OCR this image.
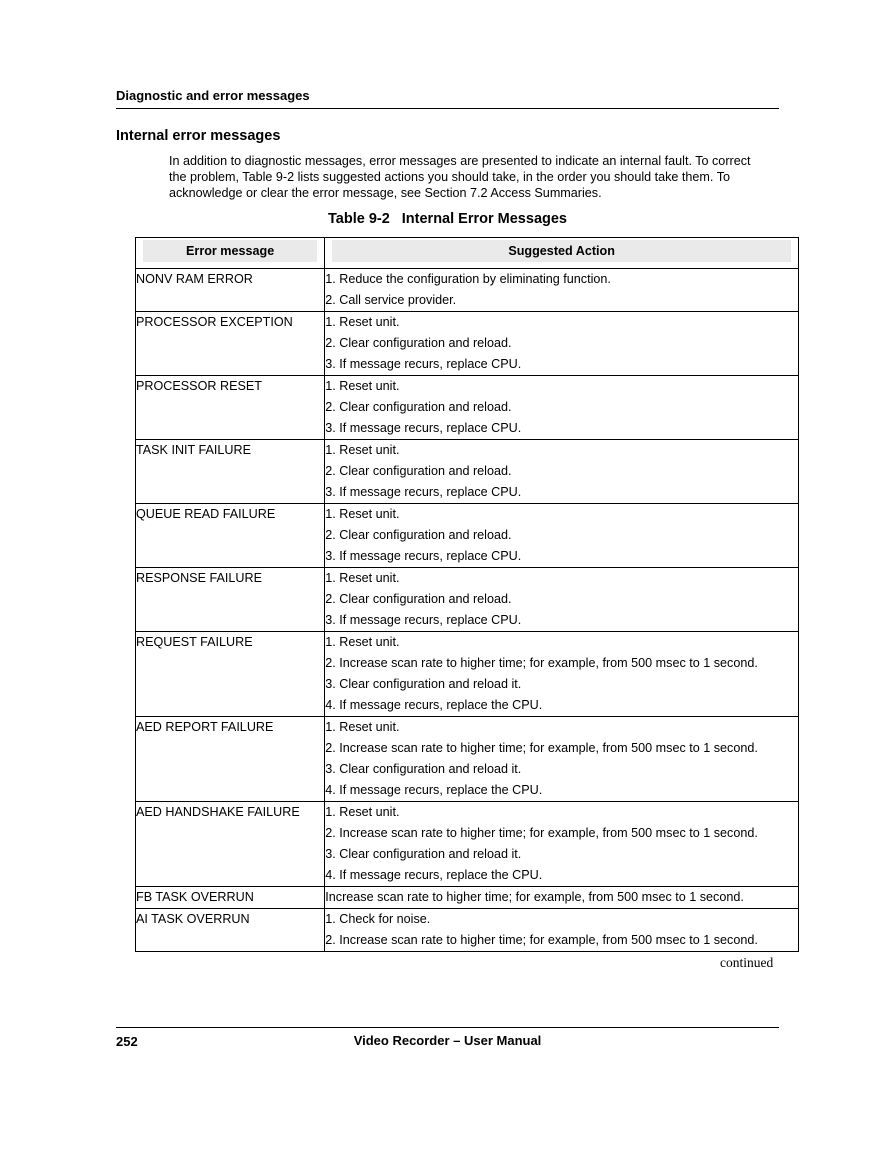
Diagnostic and error messages
Internal error messages
In addition to diagnostic messages, error messages are presented to indicate an internal fault. To correct the problem, Table 9-2 lists suggested actions you should take, in the order you should take them. To acknowledge or clear the error message, see Section 7.2 Access Summaries.
Table 9-2 Internal Error Messages
Error message	Suggested Action

NONV RAM ERROR	1. Reduce the configuration by eliminating function.
2. Call service provider.

PROCESSOR EXCEPTION	1. Reset unit.
2. Clear configuration and reload.
3. If message recurs, replace CPU.

PROCESSOR RESET	1. Reset unit.
2. Clear configuration and reload.
3. If message recurs, replace CPU.

TASK INIT FAILURE	1. Reset unit.
2. Clear configuration and reload.
3. If message recurs, replace CPU.

QUEUE READ FAILURE	1. Reset unit.
2. Clear configuration and reload.
3. If message recurs, replace CPU.

RESPONSE FAILURE	1. Reset unit.
2. Clear configuration and reload.
3. If message recurs, replace CPU.

REQUEST FAILURE	1. Reset unit.
2. Increase scan rate to higher time; for example, from 500 msec to 1 second.
3. Clear configuration and reload it.
4. If message recurs, replace the CPU.

AED REPORT FAILURE	1. Reset unit.
2. Increase scan rate to higher time; for example, from 500 msec to 1 second.
3. Clear configuration and reload it.
4. If message recurs, replace the CPU.

AED HANDSHAKE FAILURE	1. Reset unit.
2. Increase scan rate to higher time; for example, from 500 msec to 1 second.
3. Clear configuration and reload it.
4. If message recurs, replace the CPU.

FB TASK OVERRUN	Increase scan rate to higher time; for example, from 500 msec to 1 second.

AI TASK OVERRUN	1. Check for noise.
2. Increase scan rate to higher time; for example, from 500 msec to 1 second.
continued
252	Video Recorder – User Manual
